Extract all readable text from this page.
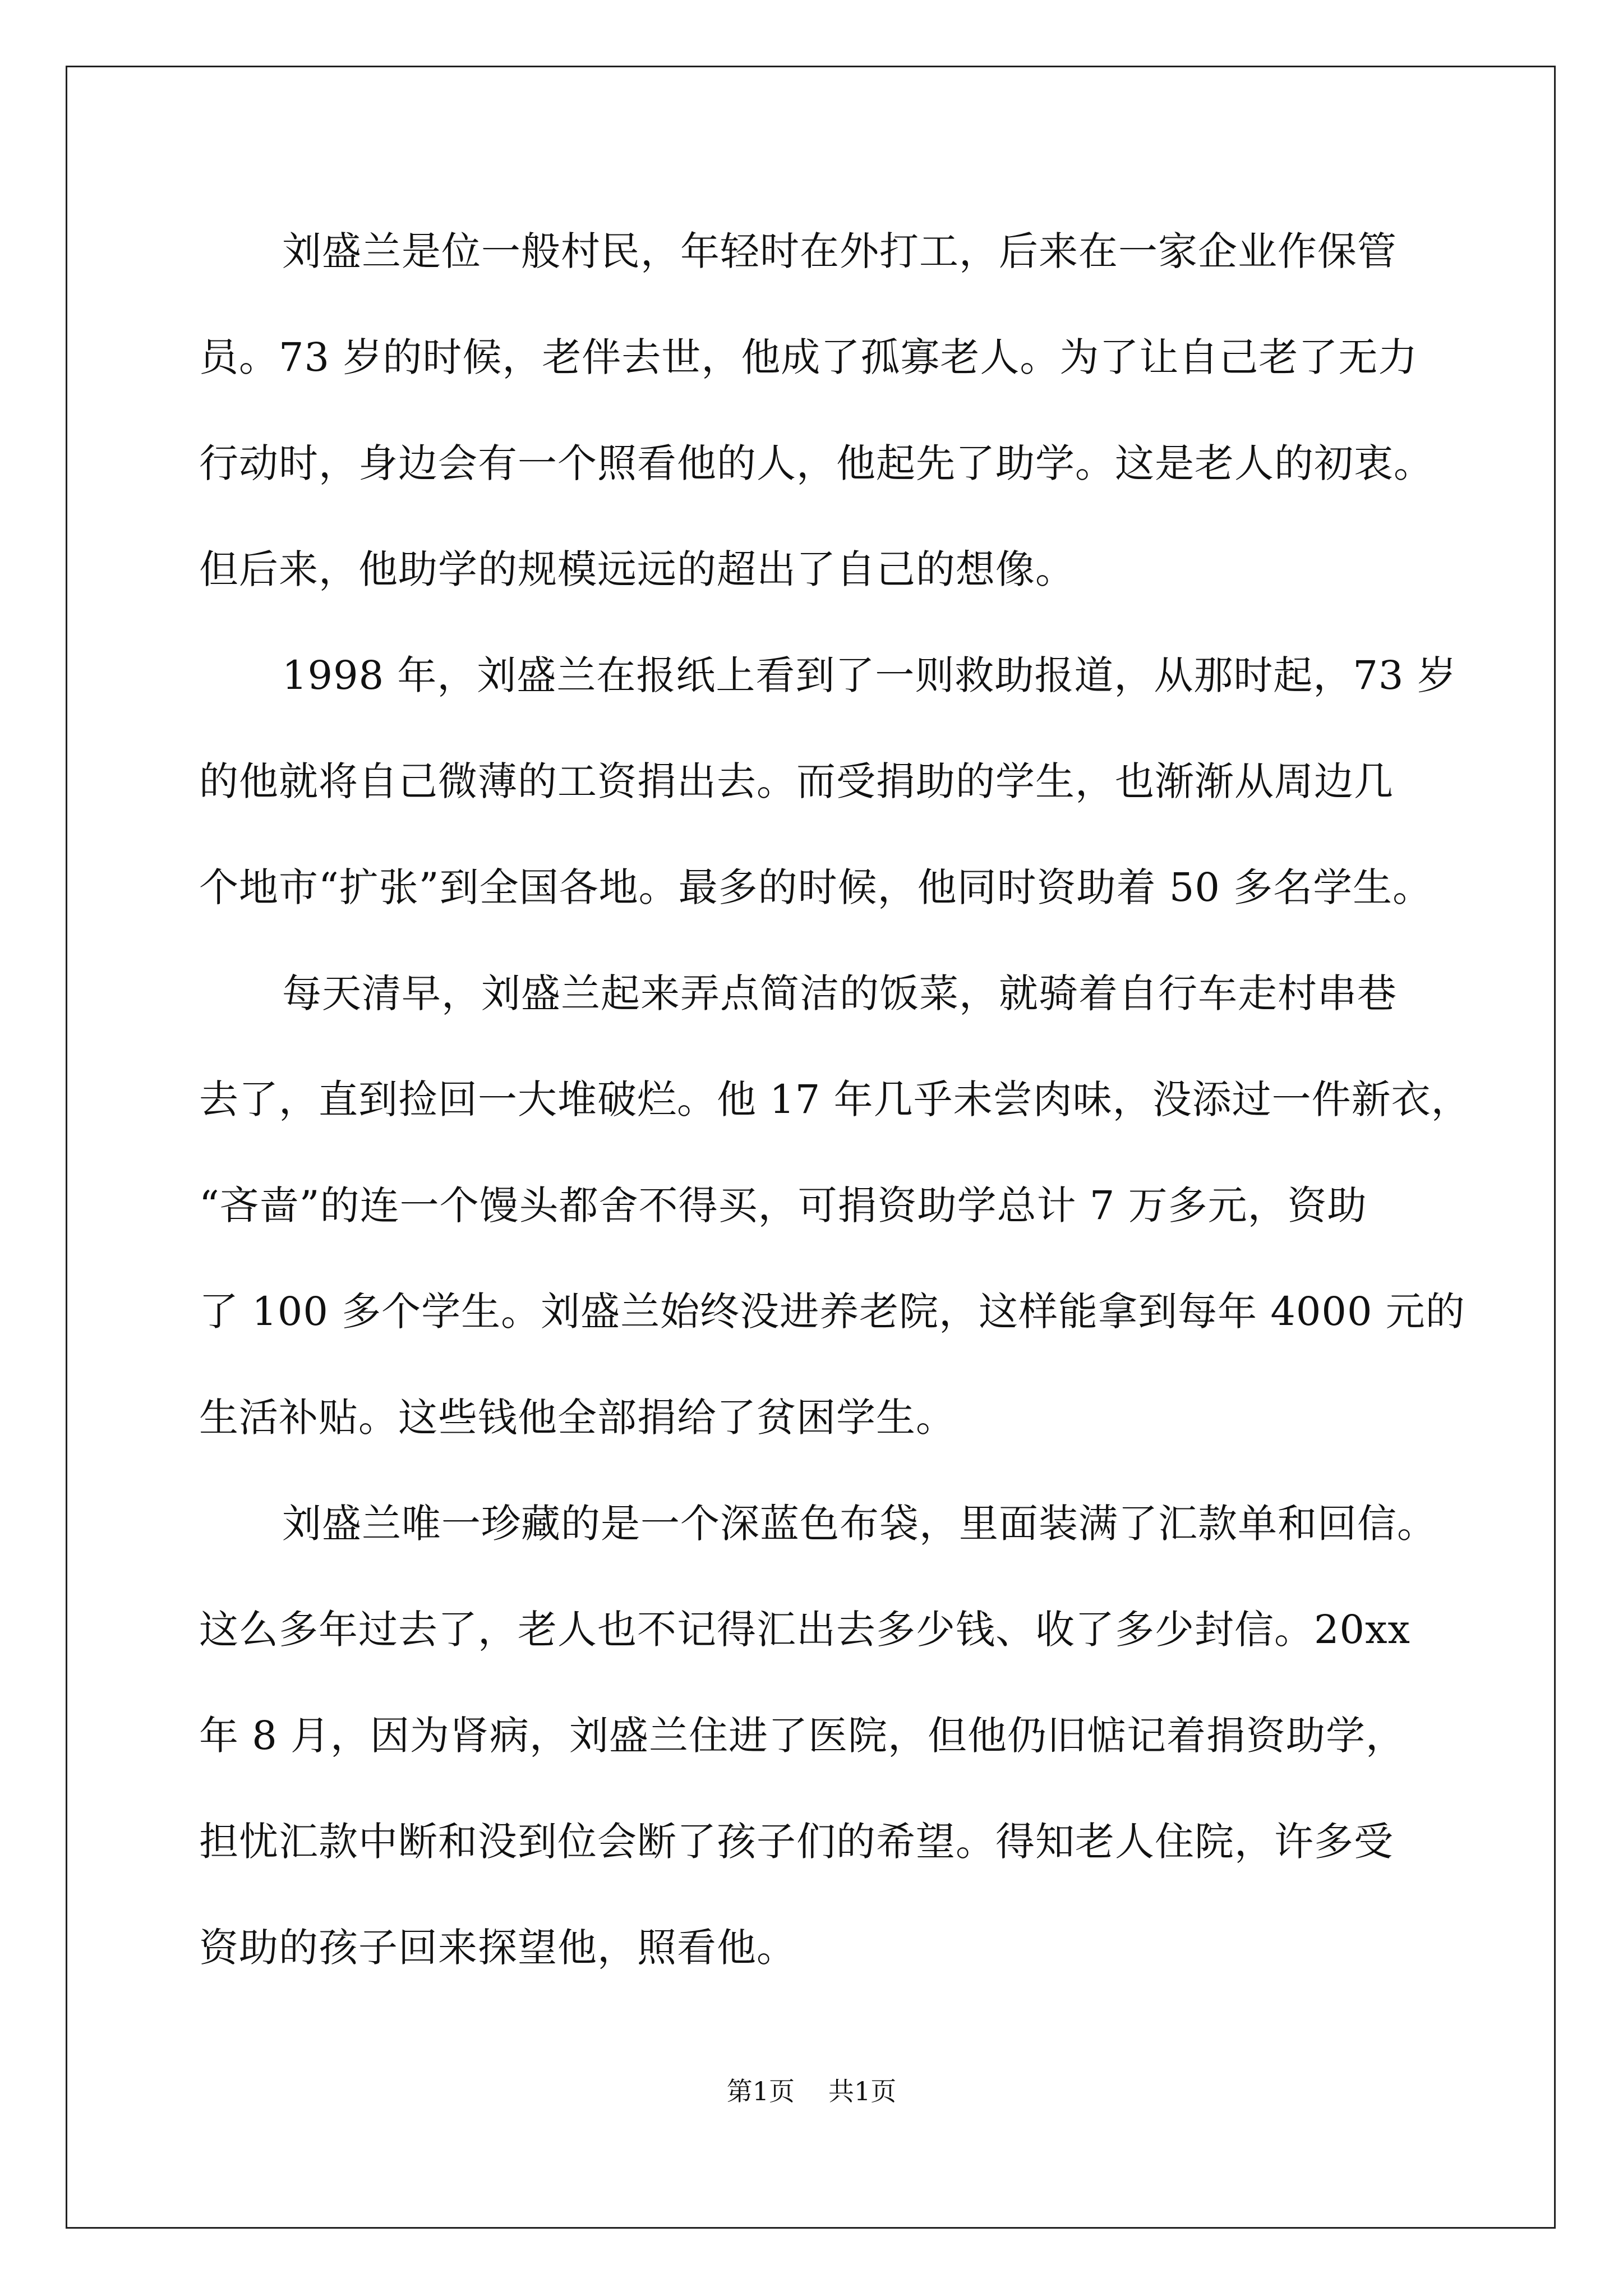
刘盛兰是位一般村民，年轻时在外打工，后来在一家企业作保管
员。73 岁的时候，老伴去世，他成了孤寡老人。为了让自己老了无力
行动时，身边会有一个照看他的人，他起先了助学。这是老人的初衷。
但后来，他助学的规模远远的超出了自己的想像。
1998 年，刘盛兰在报纸上看到了一则救助报道，从那时起，73 岁
的他就将自己微薄的工资捐出去。而受捐助的学生，也渐渐从周边几
个地市“扩张”到全国各地。最多的时候，他同时资助着 50 多名学生。
每天清早，刘盛兰起来弄点简洁的饭菜，就骑着自行车走村串巷
去了，直到捡回一大堆破烂。他 17 年几乎未尝肉味，没添过一件新衣，
“吝啬”的连一个馒头都舍不得买，可捐资助学总计 7 万多元，资助
了 100 多个学生。刘盛兰始终没进养老院，这样能拿到每年 4000 元的
生活补贴。这些钱他全部捐给了贫困学生。
刘盛兰唯一珍藏的是一个深蓝色布袋，里面装满了汇款单和回信。
这么多年过去了，老人也不记得汇出去多少钱、收了多少封信。20xx
年 8 月，因为肾病，刘盛兰住进了医院，但他仍旧惦记着捐资助学，
担忧汇款中断和没到位会断了孩子们的希望。得知老人住院，许多受
资助的孩子回来探望他，照看他。
第1页 共1页
